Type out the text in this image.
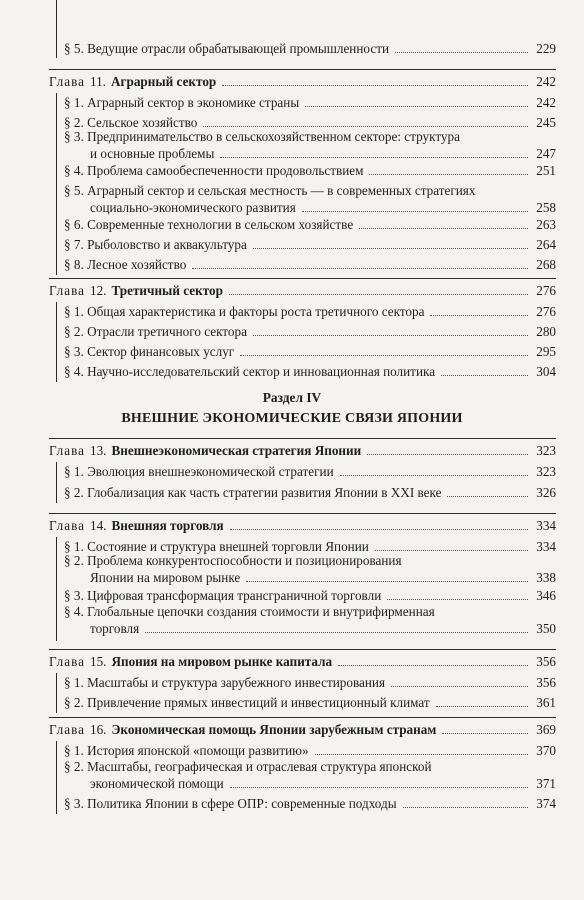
§ 5. Ведущие отрасли обрабатывающей промышленности	229
Глава 11. Аграрный сектор	242
§ 1. Аграрный сектор в экономике страны	242
§ 2. Сельское хозяйство	245
§ 3. Предпринимательство в сельскохозяйственном секторе: структура
и основные проблемы	247
§ 4. Проблема самообеспеченности продовольствием	251
§ 5. Аграрный сектор и сельская местность — в современных стратегиях
социально-экономического развития	258
§ 6. Современные технологии в сельском хозяйстве	263
§ 7. Рыболовство и аквакультура	264
§ 8. Лесное хозяйство	268
Глава 12. Третичный сектор	276
§ 1. Общая характеристика и факторы роста третичного сектора	276
§ 2. Отрасли третичного сектора	280
§ 3. Сектор финансовых услуг	295
§ 4. Научно-исследовательский сектор и инновационная политика	304
Раздел IV
ВНЕШНИЕ ЭКОНОМИЧЕСКИЕ СВЯЗИ ЯПОНИИ
Глава 13. Внешнеэкономическая стратегия Японии	323
§ 1. Эволюция внешнеэкономической стратегии	323
§ 2. Глобализация как часть стратегии развития Японии в XXI веке	326
Глава 14. Внешняя торговля	334
§ 1. Состояние и структура внешней торговли Японии	334
§ 2. Проблема конкурентоспособности и позиционирования
Японии на мировом рынке	338
§ 3. Цифровая трансформация трансграничной торговли	346
§ 4. Глобальные цепочки создания стоимости и внутрифирменная
торговля	350
Глава 15. Япония на мировом рынке капитала	356
§ 1. Масштабы и структура зарубежного инвестирования	356
§ 2. Привлечение прямых инвестиций и инвестиционный климат	361
Глава 16. Экономическая помощь Японии зарубежным странам	369
§ 1. История японской «помощи развитию»	370
§ 2. Масштабы, географическая и отраслевая структура японской
экономической помощи	371
§ 3. Политика Японии в сфере ОПР: современные подходы	374
